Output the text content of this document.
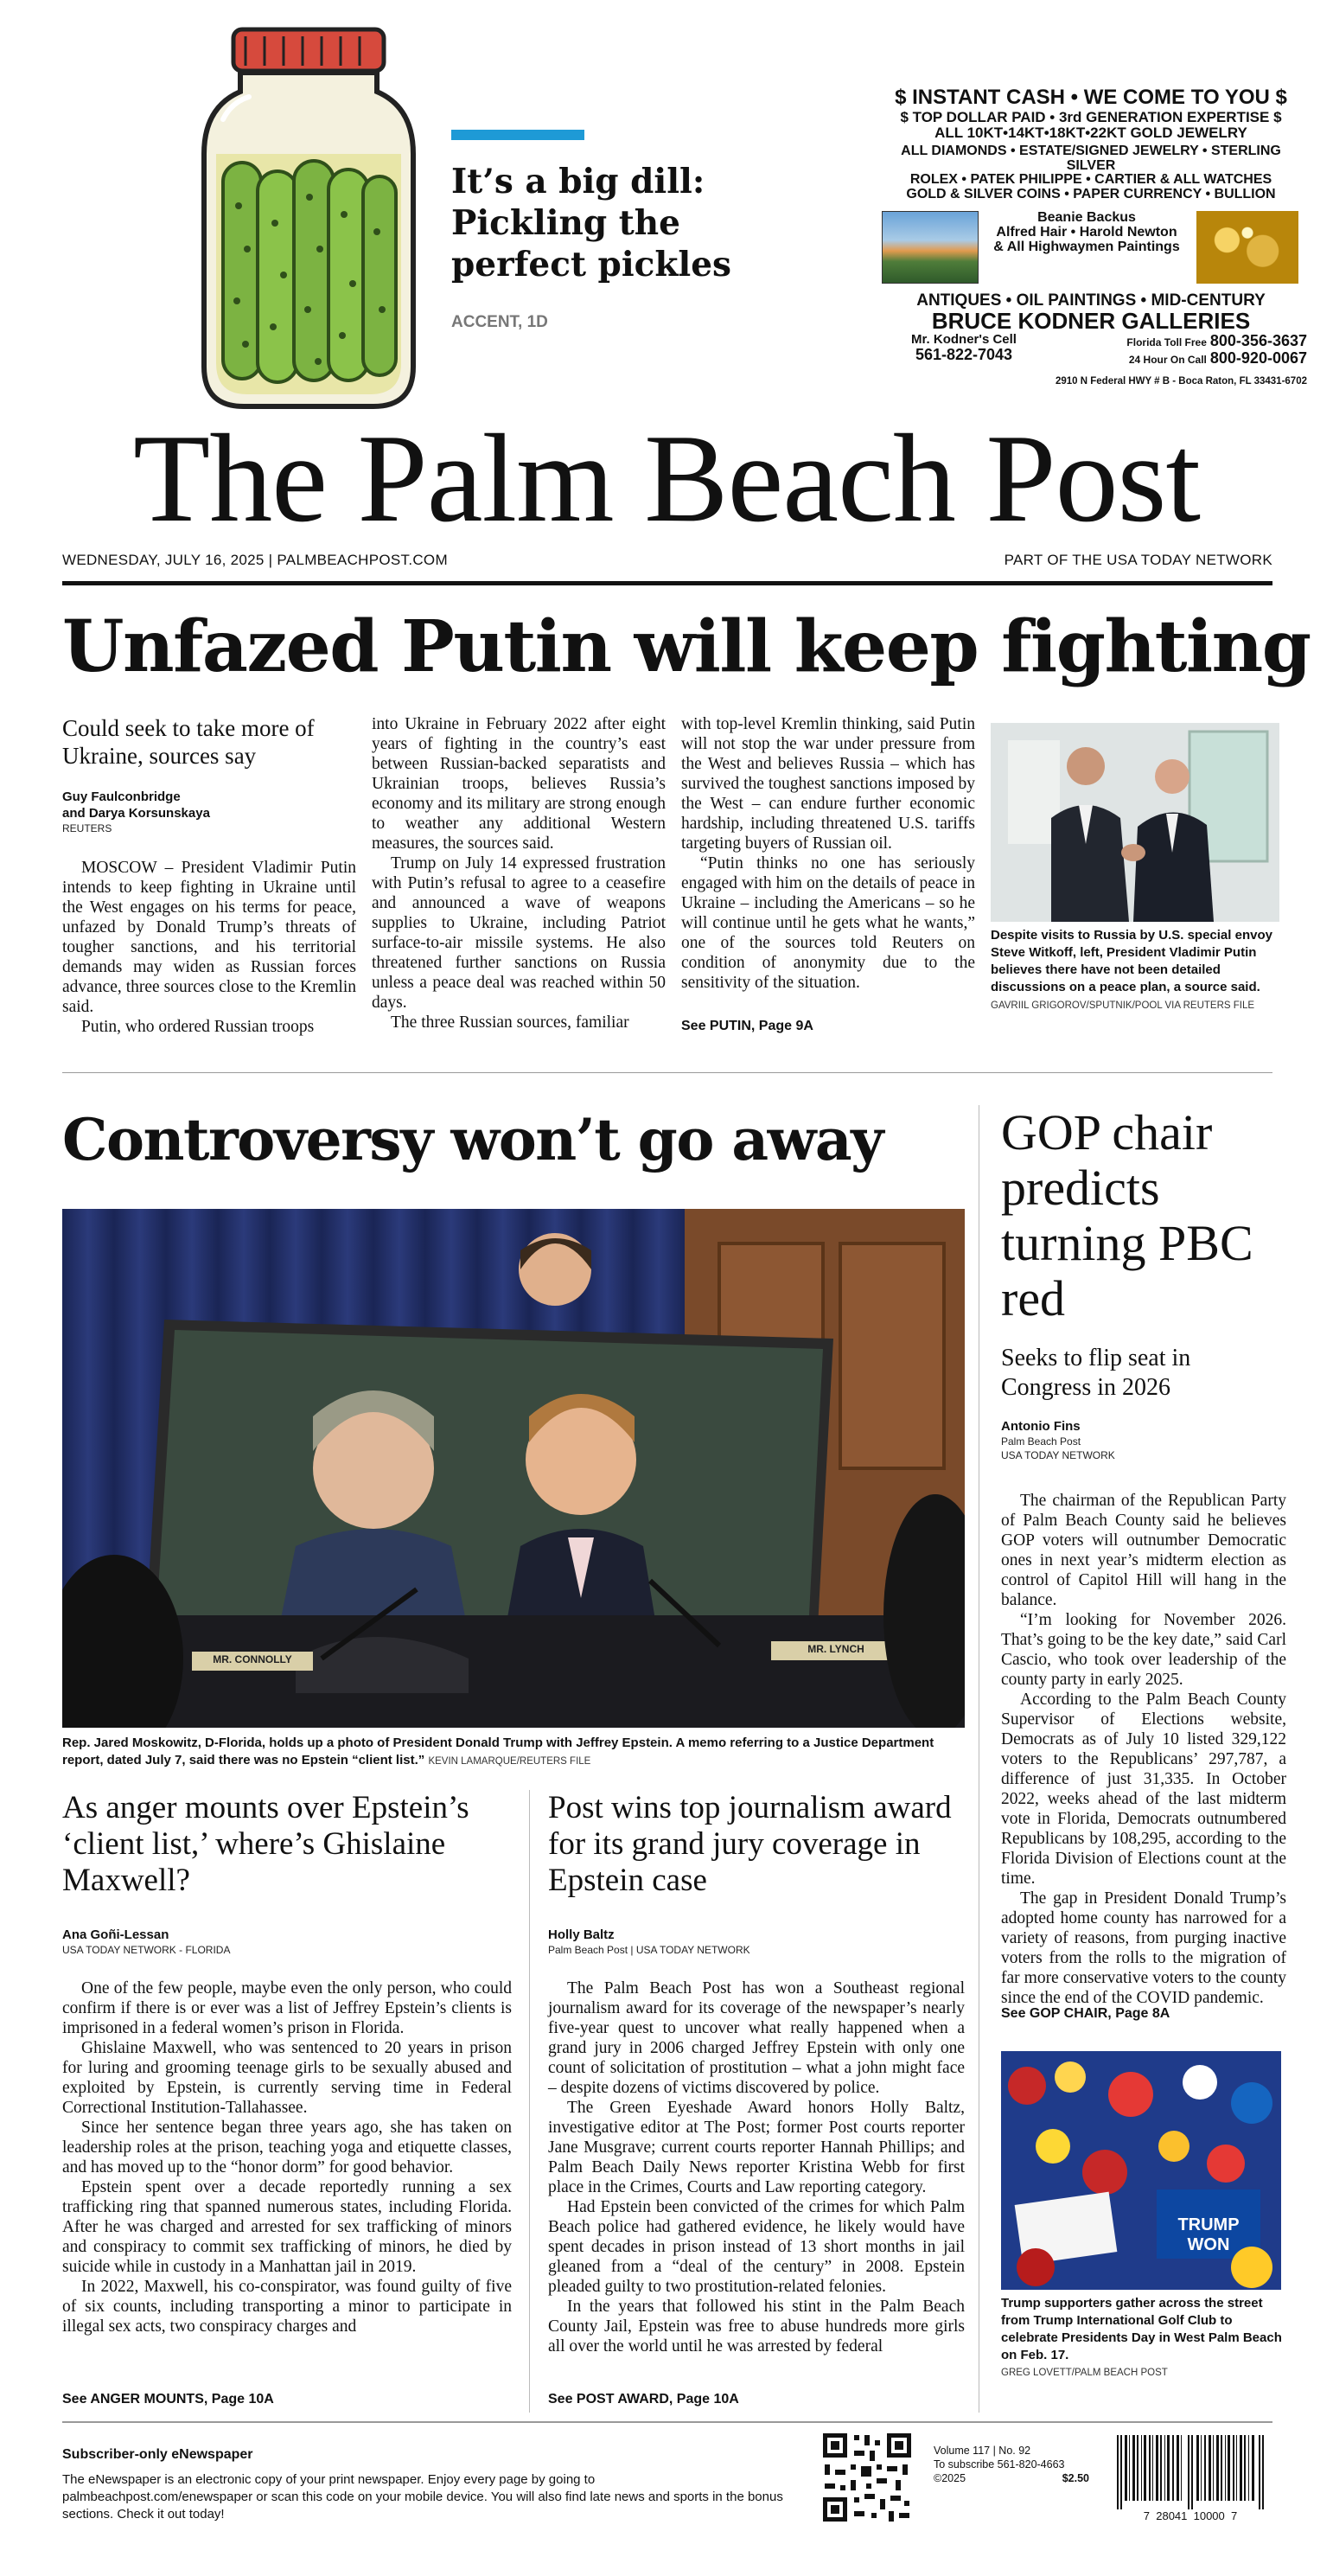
It’s a big dill: Pickling the perfect pickles
ACCENT, 1D
$ INSTANT CASH • WE COME TO YOU $
$ TOP DOLLAR PAID • 3rd GENERATION EXPERTISE $
ALL 10KT•14KT•18KT•22KT GOLD JEWELRY
ALL DIAMONDS • ESTATE/SIGNED JEWELRY • STERLING SILVER
ROLEX • PATEK PHILIPPE • CARTIER & ALL WATCHES
GOLD & SILVER COINS • PAPER CURRENCY • BULLION
Beanie Backus
Alfred Hair • Harold Newton
& All Highwaymen Paintings
ANTIQUES • OIL PAINTINGS • MID-CENTURY
BRUCE KODNER GALLERIES
Mr. Kodner's Cell
561-822-7043
Florida Toll Free 800-356-3637
24 Hour On Call 800-920-0067
2910 N Federal HWY # B - Boca Raton, FL 33431-6702
The Palm Beach Post
WEDNESDAY, JULY 16, 2025 | PALMBEACHPOST.COM	PART OF THE USA TODAY NETWORK
Unfazed Putin will keep fighting
Could seek to take more of Ukraine, sources say
Guy Faulconbridge
and Darya Korsunskaya
REUTERS

MOSCOW – President Vladimir Putin intends to keep fighting in Ukraine until the West engages on his terms for peace, unfazed by Donald Trump’s threats of tougher sanctions, and his territorial demands may widen as Russian forces advance, three sources close to the Kremlin said.

Putin, who ordered Russian troops

into Ukraine in February 2022 after eight years of fighting in the country’s east between Russian-backed separatists and Ukrainian troops, believes Russia’s economy and its military are strong enough to weather any additional Western measures, the sources said.

Trump on July 14 expressed frustration with Putin’s refusal to agree to a ceasefire and announced a wave of weapons supplies to Ukraine, including Patriot surface-to-air missile systems. He also threatened further sanctions on Russia unless a peace deal was reached within 50 days.

The three Russian sources, familiar

with top-level Kremlin thinking, said Putin will not stop the war under pressure from the West and believes Russia – which has survived the toughest sanctions imposed by the West – can endure further economic hardship, including threatened U.S. tariffs targeting buyers of Russian oil.

“Putin thinks no one has seriously engaged with him on the details of peace in Ukraine – including the Americans – so he will continue until he gets what he wants,” one of the sources told Reuters on condition of anonymity due to the sensitivity of the situation.

See PUTIN, Page 9A
Despite visits to Russia by U.S. special envoy Steve Witkoff, left, President Vladimir Putin believes there have not been detailed discussions on a peace plan, a source said. GAVRIIL GRIGOROV/SPUTNIK/POOL VIA REUTERS FILE
Controversy won’t go away
MR. CONNOLLY
MR. LYNCH
Rep. Jared Moskowitz, D-Florida, holds up a photo of President Donald Trump with Jeffrey Epstein. A memo referring to a Justice Department report, dated July 7, said there was no Epstein “client list.” KEVIN LAMARQUE/REUTERS FILE
As anger mounts over Epstein’s ‘client list,’ where’s Ghislaine Maxwell?
Ana Goñi-Lessan
USA TODAY NETWORK - FLORIDA

One of the few people, maybe even the only person, who could confirm if there is or ever was a list of Jeffrey Epstein’s clients is imprisoned in a federal women’s prison in Florida.

Ghislaine Maxwell, who was sentenced to 20 years in prison for luring and grooming teenage girls to be sexually abused and exploited by Epstein, is currently serving time in Federal Correctional Institution-Tallahassee.

Since her sentence began three years ago, she has taken on leadership roles at the prison, teaching yoga and etiquette classes, and has moved up to the “honor dorm” for good behavior.

Epstein spent over a decade reportedly running a sex trafficking ring that spanned numerous states, including Florida. After he was charged and arrested for sex trafficking of minors and conspiracy to commit sex trafficking of minors, he died by suicide while in custody in a Manhattan jail in 2019.

In 2022, Maxwell, his co-conspirator, was found guilty of five of six counts, including transporting a minor to participate in illegal sex acts, two conspiracy charges and

See ANGER MOUNTS, Page 10A
Post wins top journalism award for its grand jury coverage in Epstein case
Holly Baltz
Palm Beach Post | USA TODAY NETWORK

The Palm Beach Post has won a Southeast regional journalism award for its coverage of the newspaper’s nearly five-year quest to uncover what really happened when a grand jury in 2006 charged Jeffrey Epstein with only one count of solicitation of prostitution – what a john might face – despite dozens of victims discovered by police.

The Green Eyeshade Award honors Holly Baltz, investigative editor at The Post; former Post courts reporter Jane Musgrave; current courts reporter Hannah Phillips; and Palm Beach Daily News reporter Kristina Webb for first place in the Crimes, Courts and Law reporting category.

Had Epstein been convicted of the crimes for which Palm Beach police had gathered evidence, he likely would have spent decades in prison instead of 13 short months in jail gleaned from a “deal of the century” in 2008. Epstein pleaded guilty to two prostitution-related felonies.

In the years that followed his stint in the Palm Beach County Jail, Epstein was free to abuse hundreds more girls all over the world until he was arrested by federal

See POST AWARD, Page 10A
GOP chair predicts turning PBC red
Seeks to flip seat in Congress in 2026
Antonio Fins
Palm Beach Post
USA TODAY NETWORK

The chairman of the Republican Party of Palm Beach County said he believes GOP voters will outnumber Democratic ones in next year’s midterm election as control of Capitol Hill will hang in the balance.

“I’m looking for November 2026. That’s going to be the key date,” said Carl Cascio, who took over leadership of the county party in early 2025.

According to the Palm Beach County Supervisor of Elections website, Democrats as of July 10 listed 329,122 voters to the Republicans’ 297,787, a difference of just 31,335. In October 2022, weeks ahead of the last midterm vote in Florida, Democrats outnumbered Republicans by 108,295, according to the Florida Division of Elections count at the time.

The gap in President Donald Trump’s adopted home county has narrowed for a variety of reasons, from purging inactive voters from the rolls to the migration of far more conservative voters to the county since the end of the COVID pandemic.

See GOP CHAIR, Page 8A
TRUMP WON
Trump supporters gather across the street from Trump International Golf Club to celebrate Presidents Day in West Palm Beach on Feb. 17.
GREG LOVETT/PALM BEACH POST
Subscriber-only eNewspaper
The eNewspaper is an electronic copy of your print newspaper. Enjoy every page by going to palmbeachpost.com/enewspaper or scan this code on your mobile device. You will also find late news and sports in the bonus sections. Check it out today!
Volume 117 | No. 92
To subscribe 561-820-4663
©2025	$2.50
7  28041  10000  7
